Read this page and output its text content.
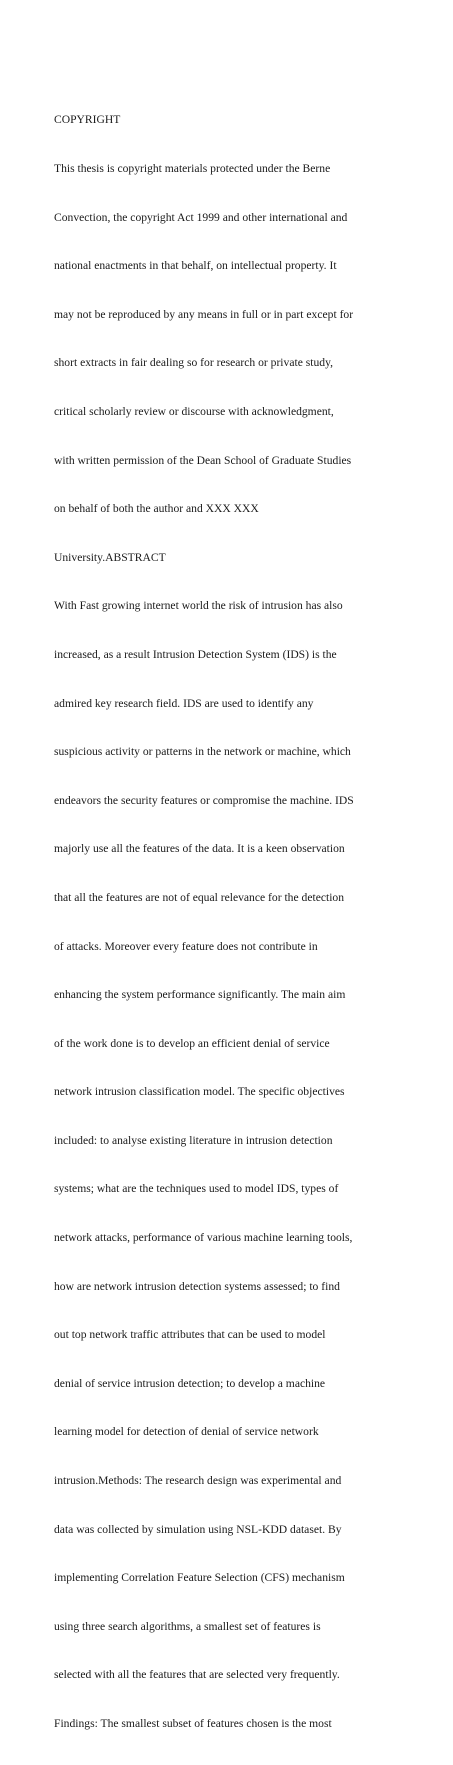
COPYRIGHT

This thesis is copyright materials protected under the Berne

Convection, the copyright Act 1999 and other international and

national enactments in that behalf, on intellectual property. It

may not be reproduced by any means in full or in part except for

short extracts in fair dealing so for research or private study,

critical scholarly review or discourse with acknowledgment,

with written permission of the Dean School of Graduate Studies

on behalf of both the author and XXX XXX

University.ABSTRACT

With Fast growing internet world the risk of intrusion has also

increased, as a result Intrusion Detection System (IDS) is the

admired key research field. IDS are used to identify any

suspicious activity or patterns in the network or machine, which

endeavors the security features or compromise the machine. IDS

majorly use all the features of the data. It is a keen observation

that all the features are not of equal relevance for the detection

of attacks. Moreover every feature does not contribute in

enhancing the system performance significantly. The main aim

of the work done is to develop an efficient denial of service

network intrusion classification model. The specific objectives

included: to analyse existing literature in intrusion detection

systems; what are the techniques used to model IDS, types of

network attacks, performance of various machine learning tools,

how are network intrusion detection systems assessed; to find

out top network traffic attributes that can be used to model

denial of service intrusion detection; to develop a machine

learning model for detection of denial of service network

intrusion.Methods: The research design was experimental and

data was collected by simulation using NSL-KDD dataset. By

implementing Correlation Feature Selection (CFS) mechanism

using three search algorithms, a smallest set of features is

selected with all the features that are selected very frequently.

Findings: The smallest subset of features chosen is the most
